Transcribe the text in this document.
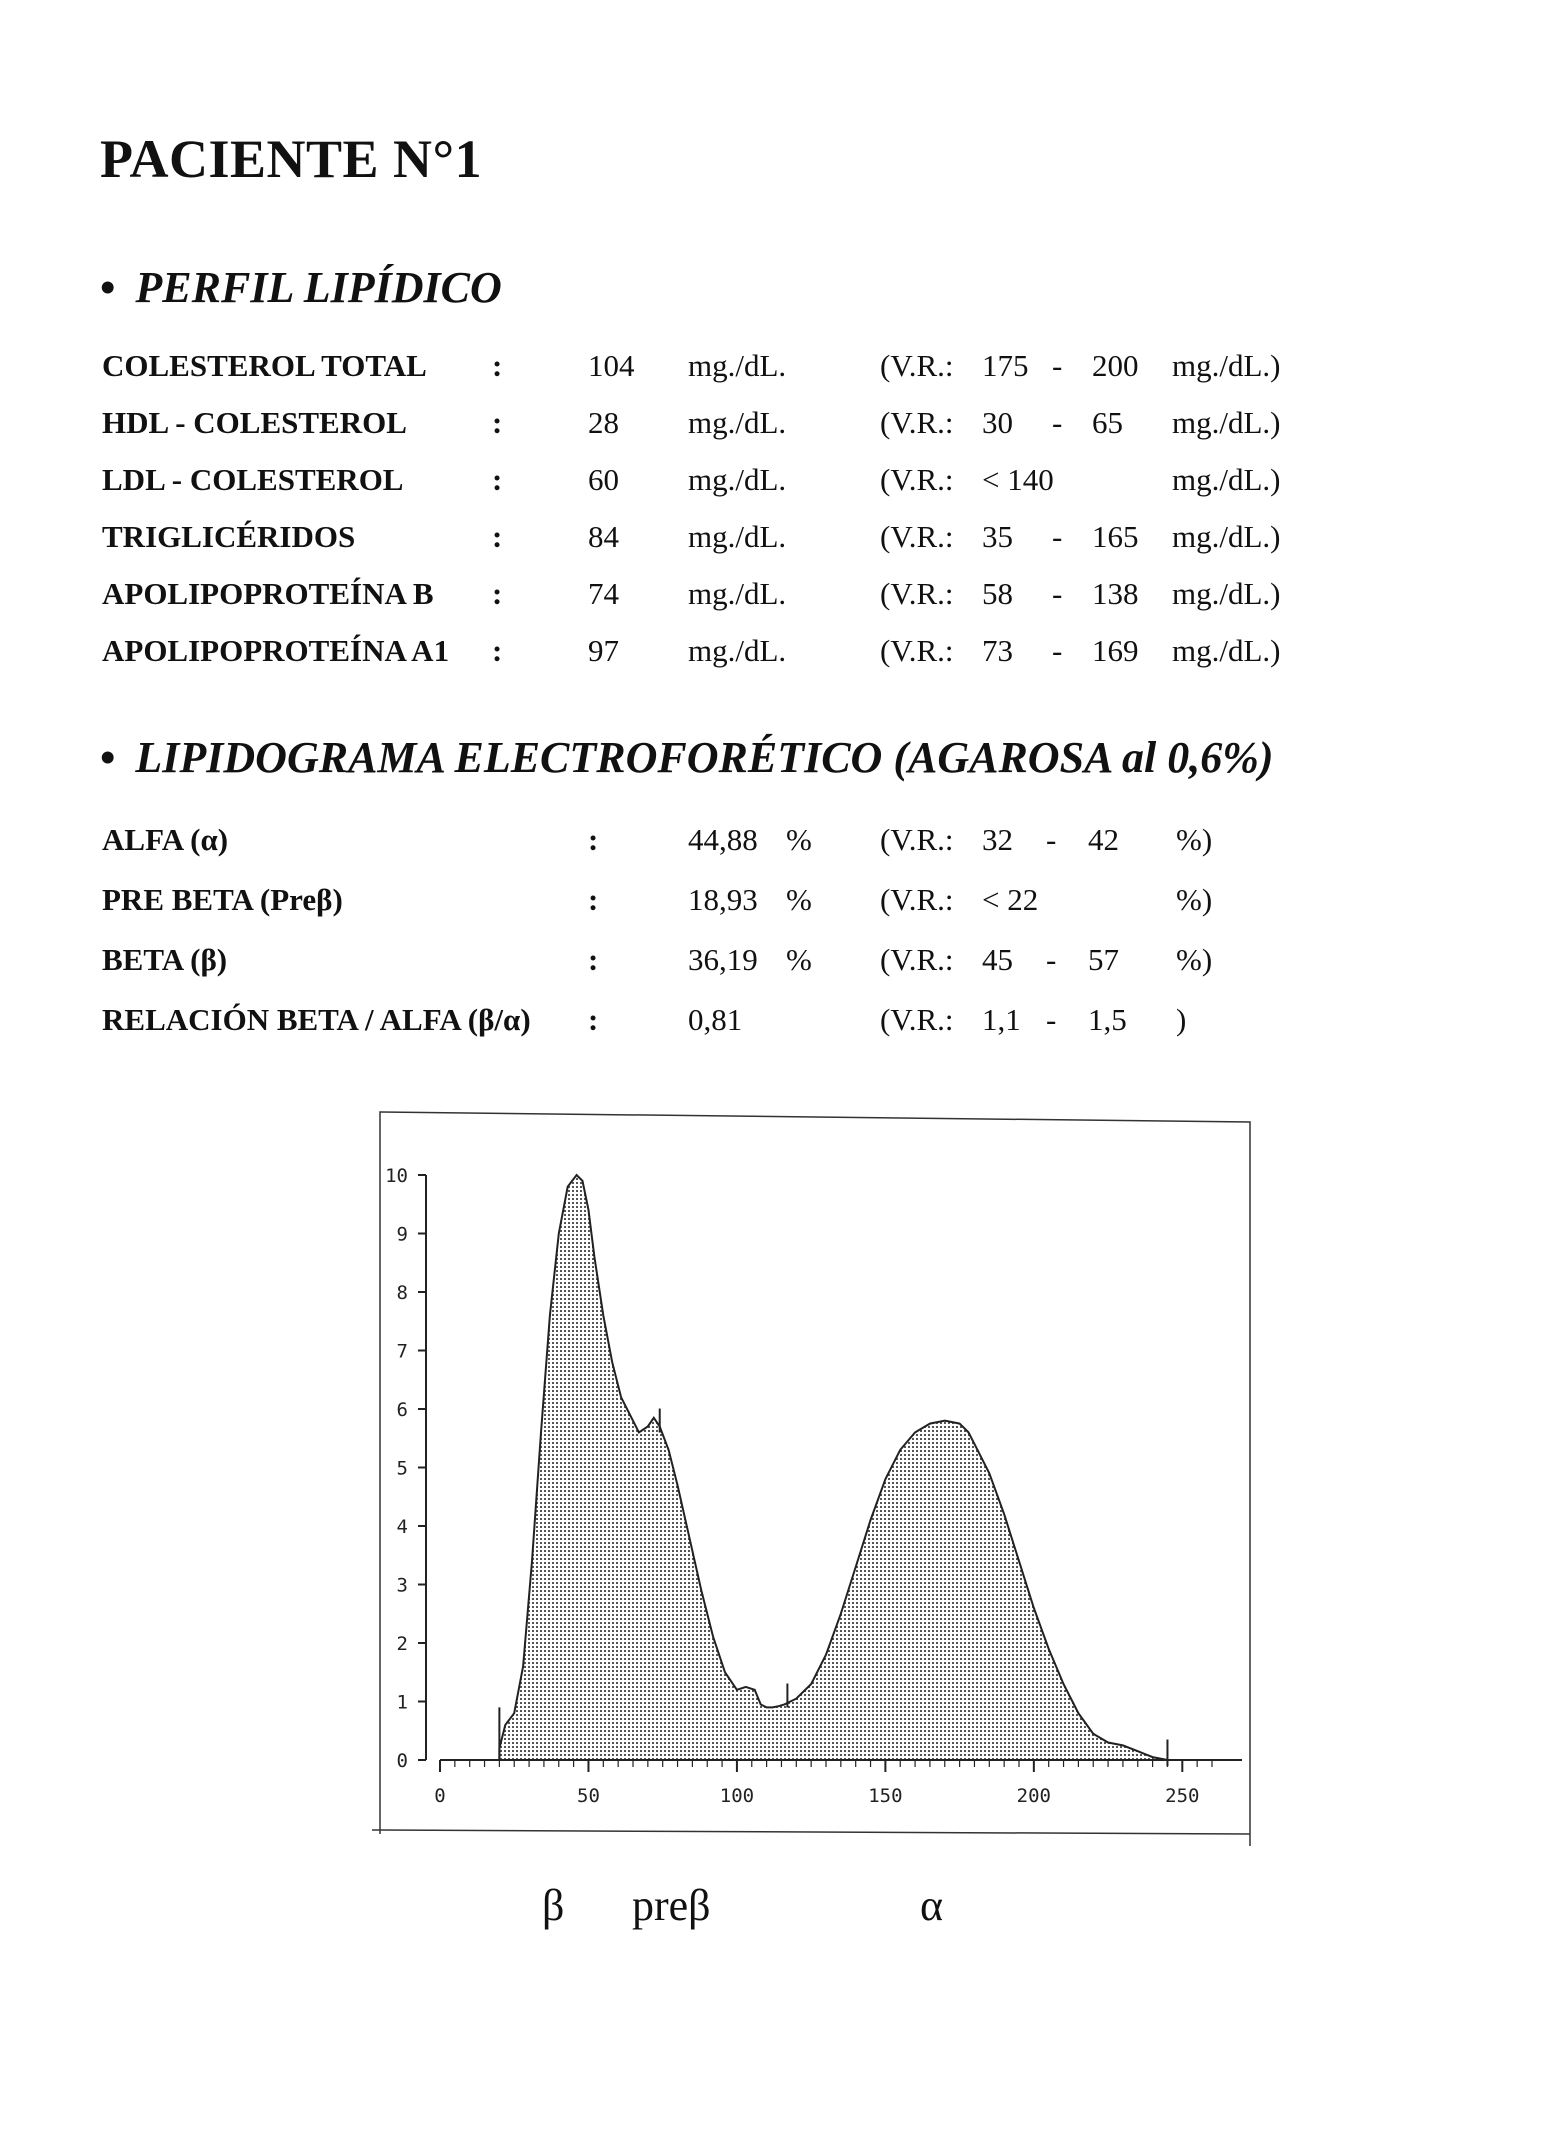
PACIENTE N°1
• PERFIL LIPÍDICO
COLESTEROL TOTAL :	104 mg./dL.	(V.R.: 175 - 200 mg./dL.)
HDL - COLESTEROL	:	28 mg./dL.	(V.R.: 30 - 65 mg./dL.)
LDL - COLESTEROL	:	60 mg./dL.	(V.R.: < 140	mg./dL.)
TRIGLICÉRIDOS	:	84 mg./dL.	(V.R.: 35 - 165 mg./dL.)
APOLIPOPROTEÍNA B :	74 mg./dL.	(V.R.: 58 - 138 mg./dL.)
APOLIPOPROTEÍNA A1 :	97 mg./dL.	(V.R.: 73 - 169 mg./dL.)
• LIPIDOGRAMA ELECTROFORÉTICO (AGAROSA al 0,6%)
ALFA (α)	:	44,88 % (V.R.: 32 - 42 %)
PRE BETA (Preβ)	:	18,93 % (V.R.: < 22	%)
BETA (β)	:	36,19 % (V.R.: 45 - 57 %)
RELACIÓN BETA / ALFA (β/α) :	0,81	(V.R.: 1,1 - 1,5 )
0
1
2
3
4
5
6
7
8
9
10
0	50	100	150	200	250
β preβ	α
